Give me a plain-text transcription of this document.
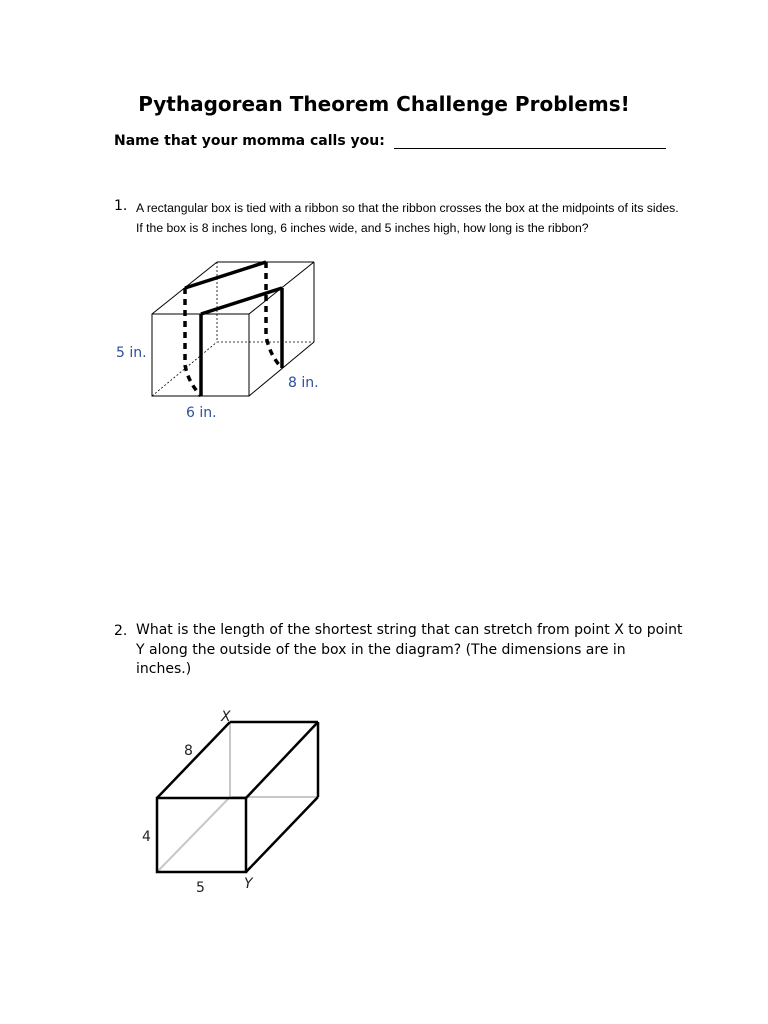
Pythagorean Theorem Challenge Problems!
Name that your momma calls you:
1. A rectangular box is tied with a ribbon so that the ribbon crosses the box at the midpoints of its sides. If the box is 8 inches long, 6 inches wide, and 5 inches high, how long is the ribbon?
2. What is the length of the shortest string that can stretch from point X to point Y along the outside of the box in the diagram? (The dimensions are in inches.)
5 in.
6 in.
8 in.
X
Y
8
4
5
